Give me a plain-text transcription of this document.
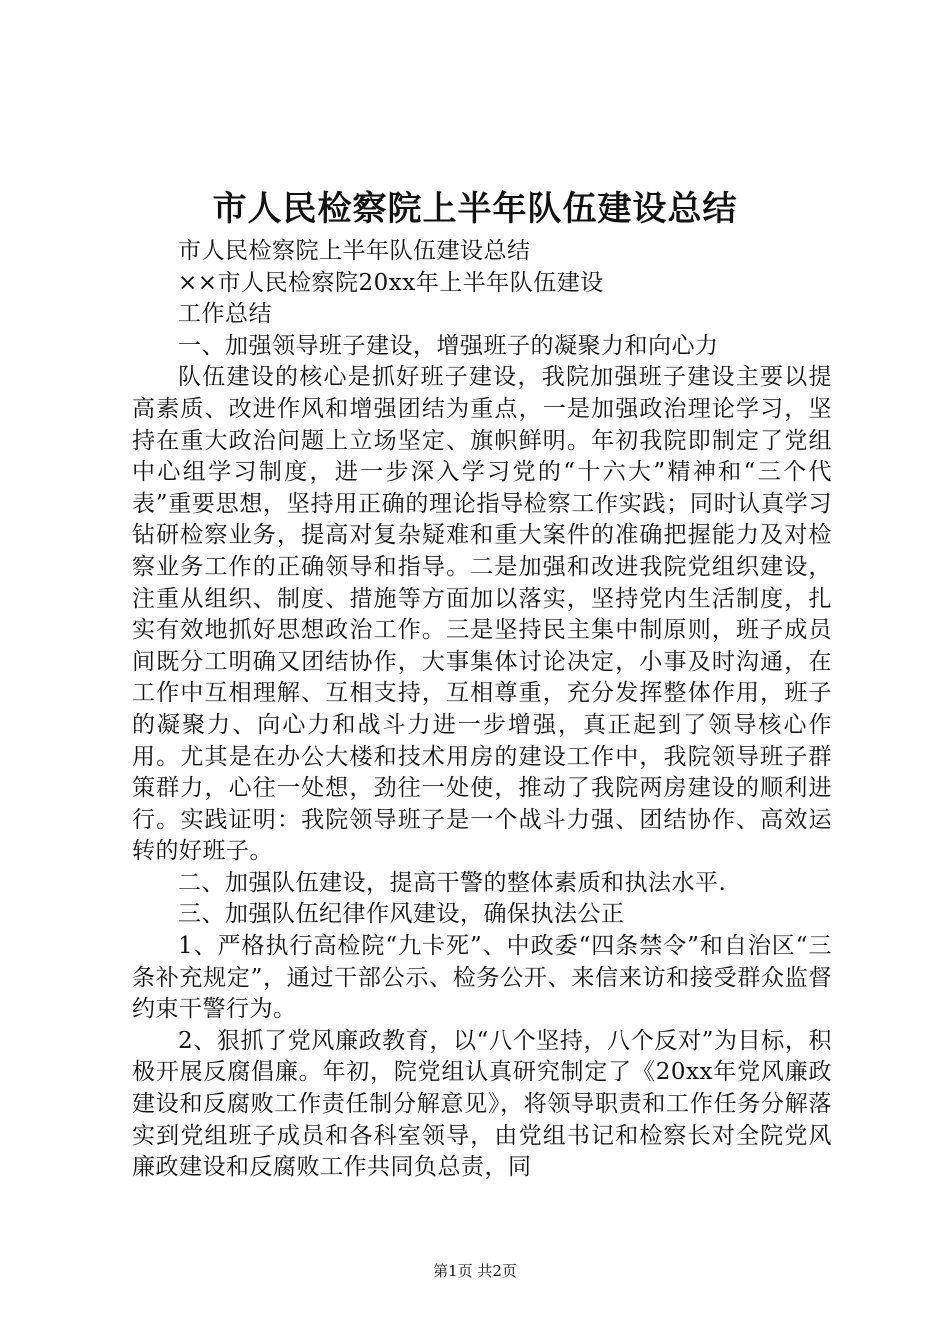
市人民检察院上半年队伍建设总结

市人民检察院上半年队伍建设总结

××市人民检察院20xx年上半年队伍建设

工作总结

一、加强领导班子建设，增强班子的凝聚力和向心力

队伍建设的核心是抓好班子建设，我院加强班子建设主要以提高素质、改进作风和增强团结为重点，一是加强政治理论学习，坚持在重大政治问题上立场坚定、旗帜鲜明。年初我院即制定了党组中心组学习制度，进一步深入学习党的“十六大”精神和“三个代表”重要思想，坚持用正确的理论指导检察工作实践；同时认真学习钻研检察业务，提高对复杂疑难和重大案件的准确把握能力及对检察业务工作的正确领导和指导。二是加强和改进我院党组织建设，注重从组织、制度、措施等方面加以落实，坚持党内生活制度，扎实有效地抓好思想政治工作。三是坚持民主集中制原则，班子成员间既分工明确又团结协作，大事集体讨论决定，小事及时沟通，在工作中互相理解、互相支持，互相尊重，充分发挥整体作用，班子的凝聚力、向心力和战斗力进一步增强，真正起到了领导核心作用。尤其是在办公大楼和技术用房的建设工作中，我院领导班子群策群力，心往一处想，劲往一处使，推动了我院两房建设的顺利进行。实践证明：我院领导班子是一个战斗力强、团结协作、高效运转的好班子。

二、加强队伍建设，提高干警的整体素质和执法水平.

三、加强队伍纪律作风建设，确保执法公正

1、严格执行高检院“九卡死”、中政委“四条禁令”和自治区“三条补充规定”，通过干部公示、检务公开、来信来访和接受群众监督约束干警行为。

2、狠抓了党风廉政教育，以“八个坚持，八个反对”为目标，积极开展反腐倡廉。年初，院党组认真研究制定了《20xx年党风廉政建设和反腐败工作责任制分解意见》，将领导职责和工作任务分解落实到党组班子成员和各科室领导，由党组书记和检察长对全院党风廉政建设和反腐败工作共同负总责，同

第1页 共2页
